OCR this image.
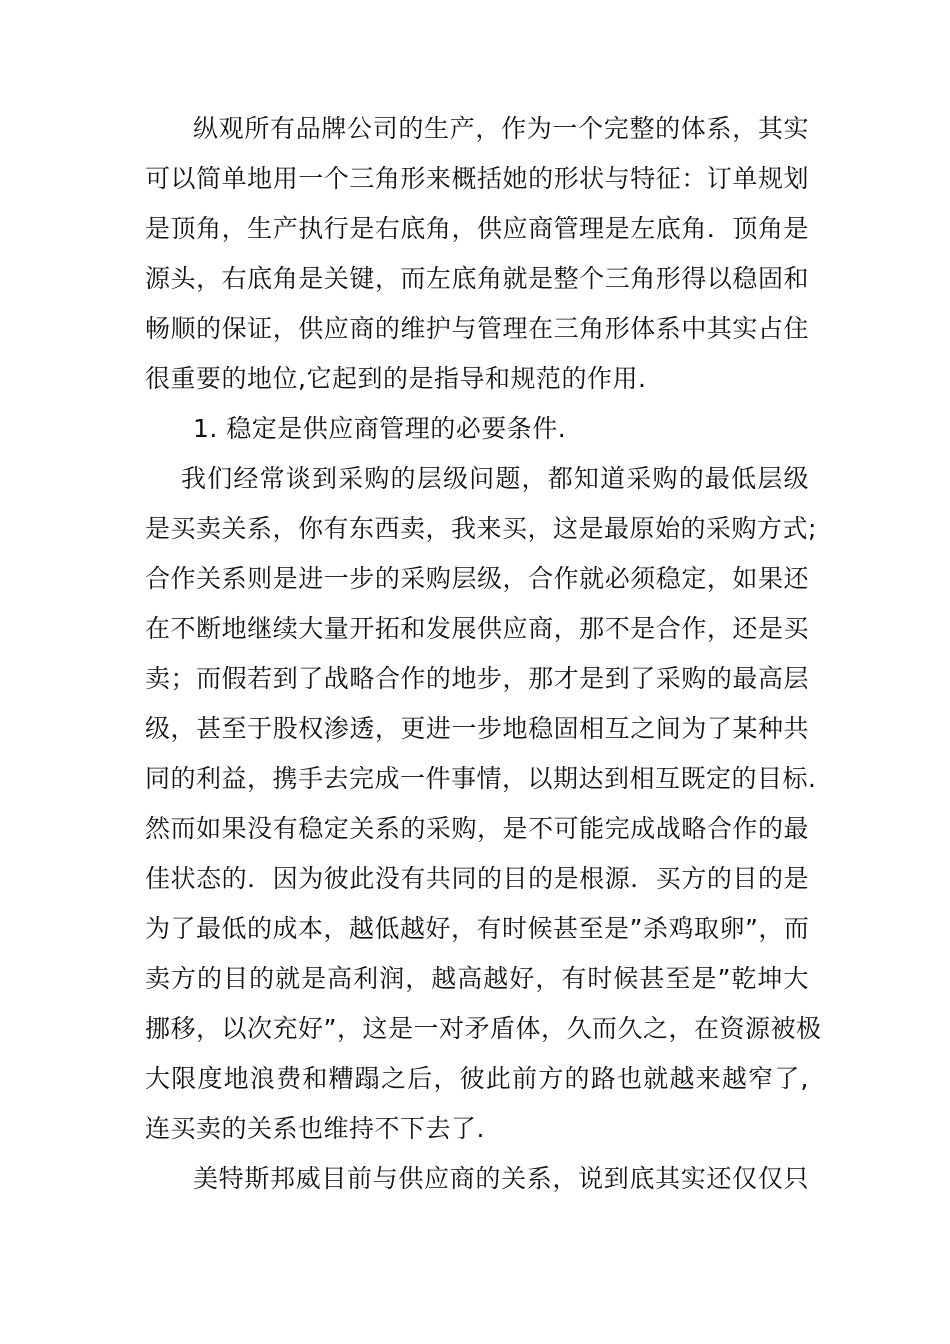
纵观所有品牌公司的生产，作为一个完整的体系，其实
可以简单地用一个三角形来概括她的形状与特征：订单规划
是顶角，生产执行是右底角，供应商管理是左底角．顶角是
源头，右底角是关键，而左底角就是整个三角形得以稳固和
畅顺的保证，供应商的维护与管理在三角形体系中其实占住
很重要的地位,它起到的是指导和规范的作用.
1. 稳定是供应商管理的必要条件.
我们经常谈到采购的层级问题，都知道采购的最低层级
是买卖关系，你有东西卖，我来买，这是最原始的采购方式;
合作关系则是进一步的采购层级，合作就必须稳定，如果还
在不断地继续大量开拓和发展供应商，那不是合作，还是买
卖；而假若到了战略合作的地步，那才是到了采购的最高层
级，甚至于股权渗透，更进一步地稳固相互之间为了某种共
同的利益，携手去完成一件事情，以期达到相互既定的目标.
然而如果没有稳定关系的采购，是不可能完成战略合作的最
佳状态的．因为彼此没有共同的目的是根源．买方的目的是
为了最低的成本，越低越好，有时候甚至是”杀鸡取卵”，而
卖方的目的就是高利润，越高越好，有时候甚至是”乾坤大
挪移，以次充好”，这是一对矛盾体，久而久之，在资源被极
大限度地浪费和糟蹋之后，彼此前方的路也就越来越窄了,
连买卖的关系也维持不下去了.
美特斯邦威目前与供应商的关系，说到底其实还仅仅只
